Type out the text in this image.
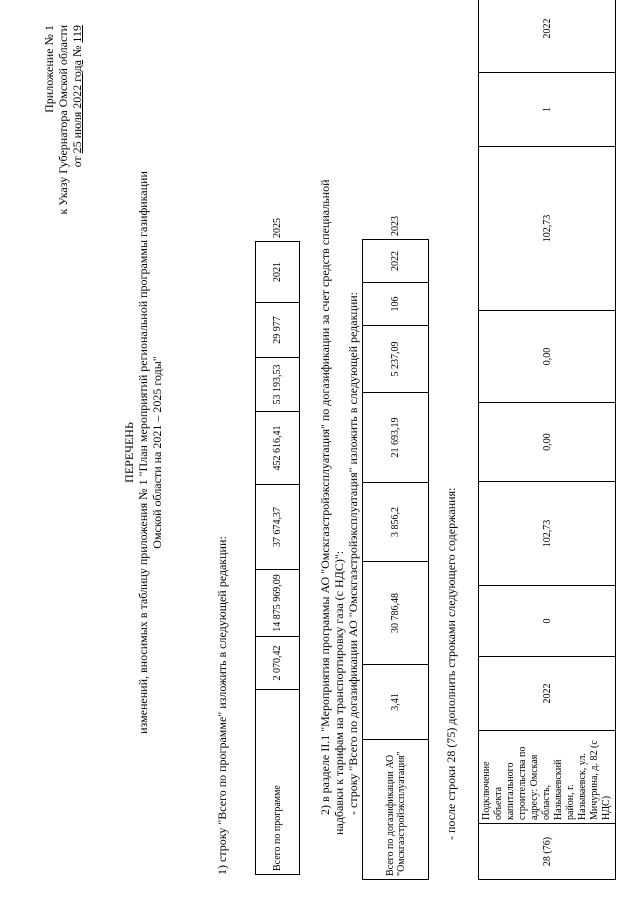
Приложение № 1 к Указу Губернатора Омской области от 25 июля 2022 года № 119
ПЕРЕЧЕНЬ изменений, вносимых в таблицу приложения № 1 "План мероприятий региональной программы газификации Омской области на 2021 – 2025 годы"
1) строку "Всего по программе" изложить в следующей редакции:	Всего по программе	2 070,42	14 875 969,09	37 674,37	452 616,41	53 193,53	29 977	2021	2025	2) в разделе II.1 "Мероприятия программы АО "Омскгазстройэксплуатация" по догазификации за счет средств специальной надбавки к тарифам на транспортировку газа (с НДС)": - строку "Всего по догазификации АО "Омскгазстройэксплуатация" изложить в следующей редакции:
Всего по догазификации АО "Омскгазстройэксплуатация"	3,41	30 786,48	3 856,2	21 693,19	5 237,09	106	2022	2023
- после строки 28 (75) дополнить строками следующего содержания:
28 (76)	Подключение объекта капитального строительства по адресу: Омская область, Называевский район, г. Называевск, ул. Мичурина, д. 82 (с НДС)	2022	0	102,73	0,00	0,00	102,73	1	2022	
